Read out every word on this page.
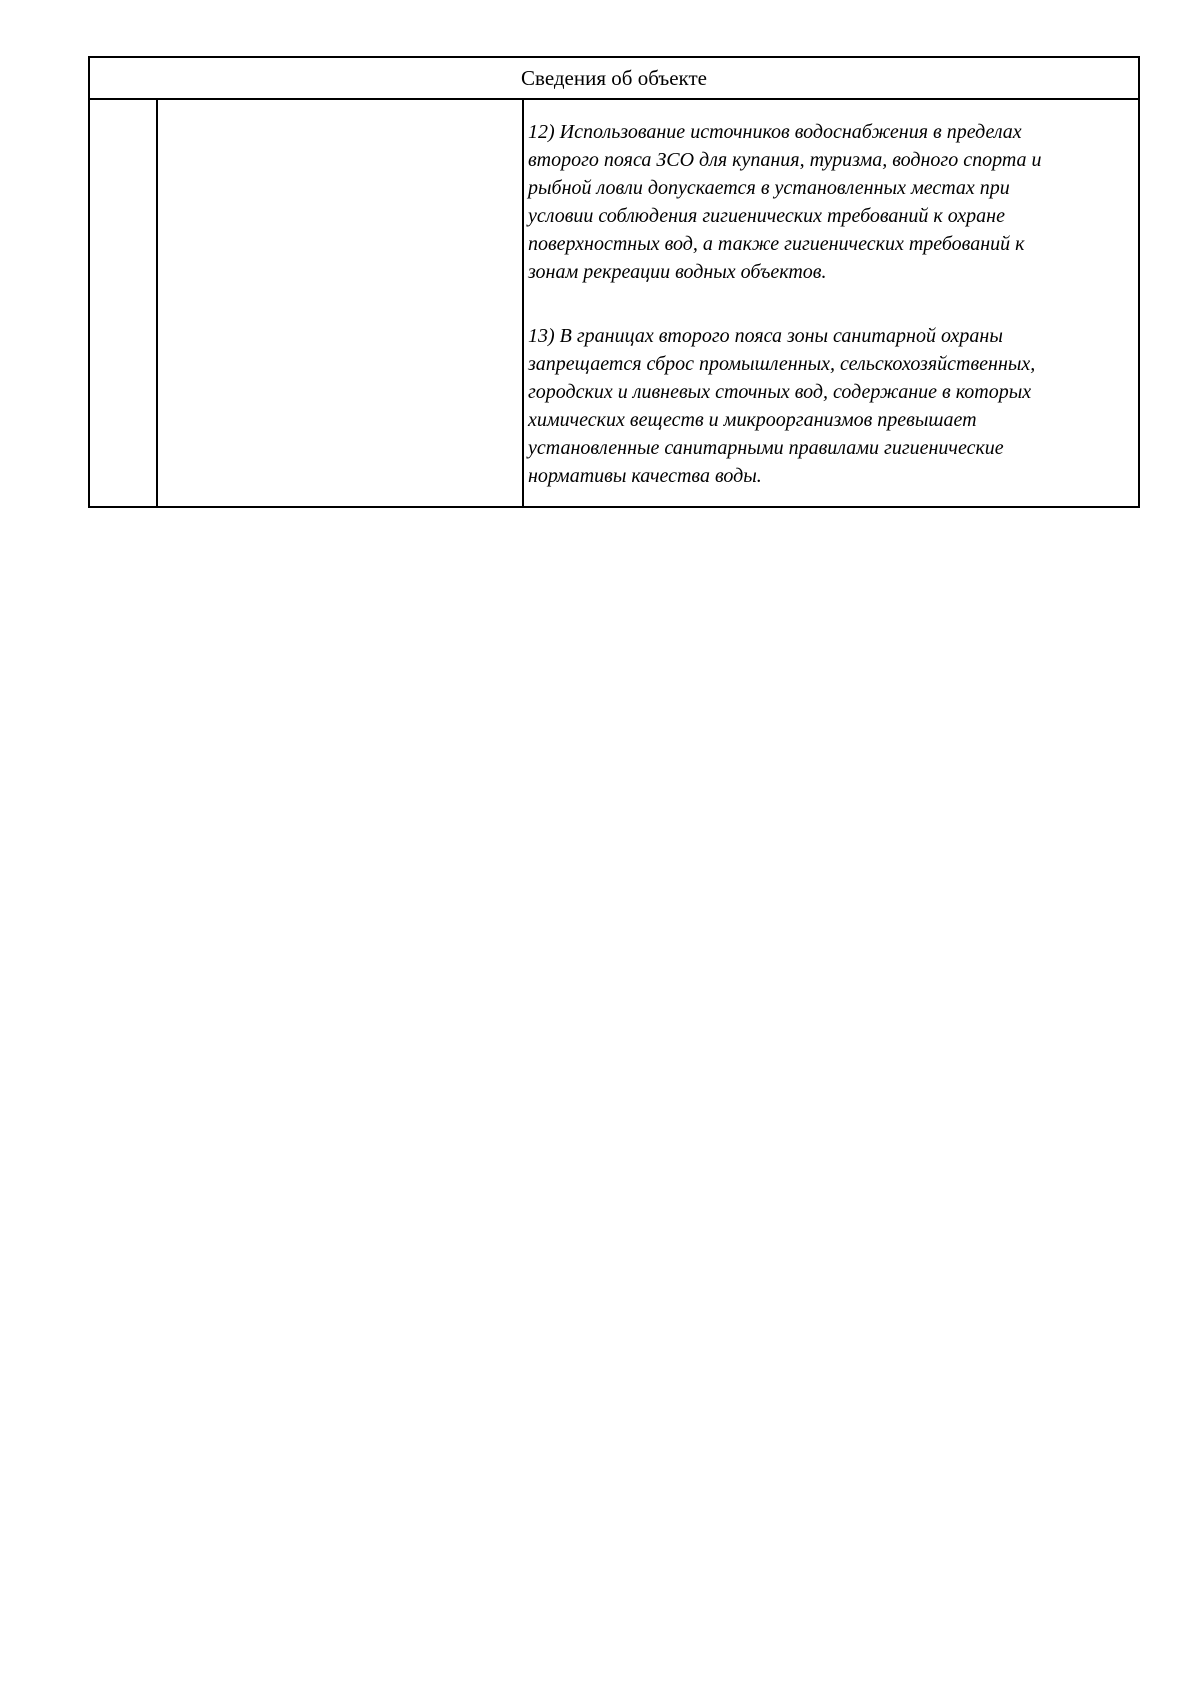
Сведения об объекте

12) Использование источников водоснабжения в пределах
второго пояса ЗСО для купания, туризма, водного спорта и
рыбной ловли допускается в установленных местах при
условии соблюдения гигиенических требований к охране
поверхностных вод, а также гигиенических требований к
зонам рекреации водных объектов.

13) В границах второго пояса зоны санитарной охраны
запрещается сброс промышленных, сельскохозяйственных,
городских и ливневых сточных вод, содержание в которых
химических веществ и микроорганизмов превышает
установленные санитарными правилами гигиенические
нормативы качества воды.
